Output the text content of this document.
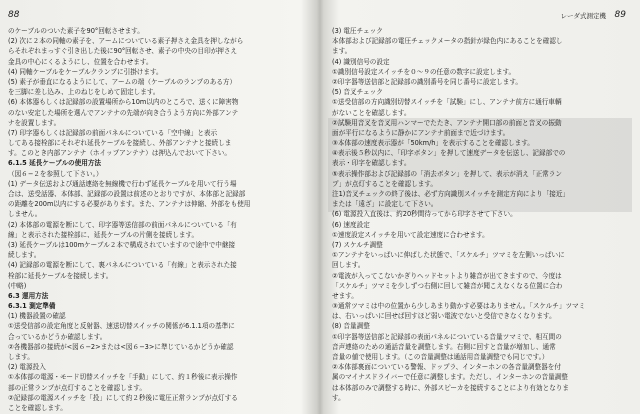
88
のケーブルのついた素子を90°回転させます。
(2) 次に２本の同軸の素子を、アームについている素子押さえ金具を押しながら
らそれぞれまっすぐ引き出した後に90°回転させ、素子の中央の目印が押さえ
金具の中心にくるようにし、位置を合わせます。
(4) 同軸ケーブルをケーブルクランプに引掛けます。
(5) 素子が垂直になるようにして、アームの端（ケーブルのランプのある方）
を三脚に差し込み、上のねじをしめて固定します。
(6) 本体器もしくは記録部の設置場所から10m以内のところで、送くに障害物
のない安定した場所を選んでアンテナの先端が向き合うよう方向に外部アンテ
ナを設置します。
(7) 印字器もしくは記録部の前面パネルについている「空中線」と表示
してある接栓部にそれぞれ延長ケーブルを接続し、外部アンテナと接続しま
す。このとき内部アンテナ（ホイップアンテナ）は押込んでおいて下さい。
6.1.5 延長ケーブルの使用方法
（図６−２を参照して下さい。）
(1) データ伝送および通話連絡を無線機で行わず延長ケーブルを用いて行う場
合は、送受話器、本体部、記録部の設置は前述のとおりですが、本体部と記録部
の距離を200m以内にする必要があります。また、アンテナは伸縮、外部をも使用
しません。
(2) 本体部の電源を断にして、印字器等送信部の前面パネルについている「有
線」と表示された接栓部に、延長ケーブルの片側を接続します。
(3) 延長ケーブルは100mケーブル２本で構成されていますので途中で中継接
続します。
(4) 記録部の電源を断にして、裏パネルについている「有線」と表示された接
栓部に延長ケーブルを接続します。
(中略)
6.3 運用方法
6.3.1 測定準備
(1) 機器設置の確認
①送受信部の設定角度と反射器、速送切替スイッチの関係が6.1.1項の基準に
合っているかどうか確認します。
②各機器部の接続が<図６−2>または<図６−3>に準じているかどうか確認
します。
(2) 電源投入
①本体部の電源・モード切替スイッチを「手動」にして、約１秒後に表示操作
部の正常ランプが点灯することを確認します。
②記録部の電源スイッチを「投」にして約２秒後に電圧正常ランプが点灯する
ことを確認します。
レーダ式測定機 89
(3) 電圧チェック
本体部および記録部の電圧チェックメータの指針が緑色内にあることを確認し
ます。
(4) 識別信号の設定
①識別信号設定スイッチを０〜９の任意の数字に設定します。
②印字器等送信部と記録部の識別番号を同じ番号に設定します。
(5) 音叉チェック
①送受信部の方向識別切替スイッチを「試験」にし、アンテナ前方に通行車輌
がないことを確認します。
②試験用音叉を音叉用ハンマーでたたき、アンテナ開口部の前面と音叉の振動
面が平行になるように静かにアンテナ前面まで近づけます。
③本体部の速度表示器が「50km/h」を表示することを確認します。
④表示後５秒以内に、「印字ボタン」を押して速度データを伝送し、記録部での
表示・印字を確認します。
⑤表示操作部および記録部の「消去ボタン」を押して、表示が消え「正常ラン
プ」が点灯することを確認します。
注1)音叉チェックの終了後は、必ず方向識別スイッチを測定方向により「接近」
または「遠ざ」に設定して下さい。
(6) 電源投入直後は、約20秒間待ってから印字させて下さい。
(6) 速度設定
①速度設定スイッチを用いて設定速度に合わせます。
(7) スケルチ調整
①アンテナをいっぱいに伸ばした状態で、「スケルチ」ツマミを左側いっぱいに
回します。
②電波が入ってこないかぎりヘッドセットより雑音が出てきますので、今度は
「スケルチ」ツマミを少しずつ右側に回して雑音が聞こえなくなる位置に合わ
せます。
③通常ツマミは中の位置から少しあまり動かす必要はありません。「スケルチ」ツマミ
は、右いっぱいに回せば回すほど弱い電波でないと受信できなくなります。
(8) 音量調整
①印字器等送信部と記録部の表面パネルについている音量ツマミで、相互間の
音声連絡のための通話音量を調整します。右側に回すと音量が増加し、通常
音量の値で使用します。（この音量調整は通話用音量調整でも同じです。）
②本体部裏面についている警報、ドップラ、インターホンの各音量調整器を付
属のマイナスドライバーで任意に調整します。ただし、インターホンの音量調整
は本体部のみで調整する時に、外部スピーカを接続することにより有効となりま
す。
